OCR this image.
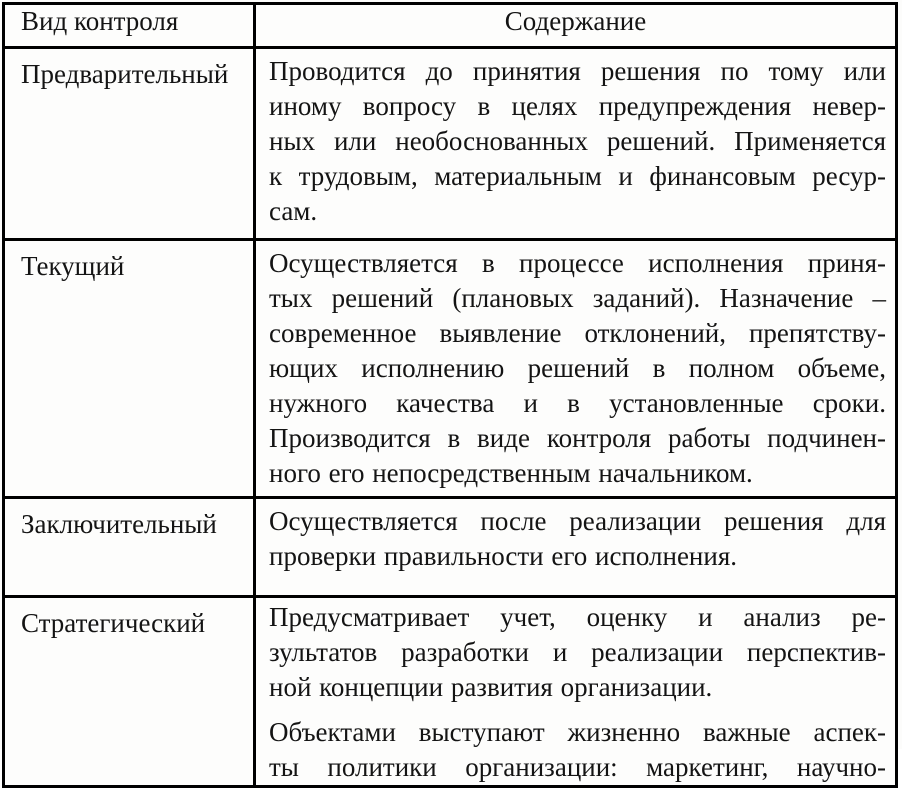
Вид контроля	Содержание
Предварительный	Проводится до принятия решения по тому или
иному вопросу в целях предупреждения невер-
ных или необоснованных решений. Применяется
к трудовым, материальным и финансовым ресур-
сам.

Текущий	Осуществляется в процессе исполнения приня-
тых решений (плановых заданий). Назначение –
современное выявление отклонений, препятству-
ющих исполнению решений в полном объеме,
нужного качества и в установленные сроки.
Производится в виде контроля работы подчинен-
ного его непосредственным начальником.

Заключительный	Осуществляется после реализации решения для
проверки правильности его исполнения.

Стратегический	Предусматривает учет, оценку и анализ ре-
зультатов разработки и реализации перспектив-
ной концепции развития организации.
Объектами выступают жизненно важные аспек-
ты политики организации: маркетинг, научно-
